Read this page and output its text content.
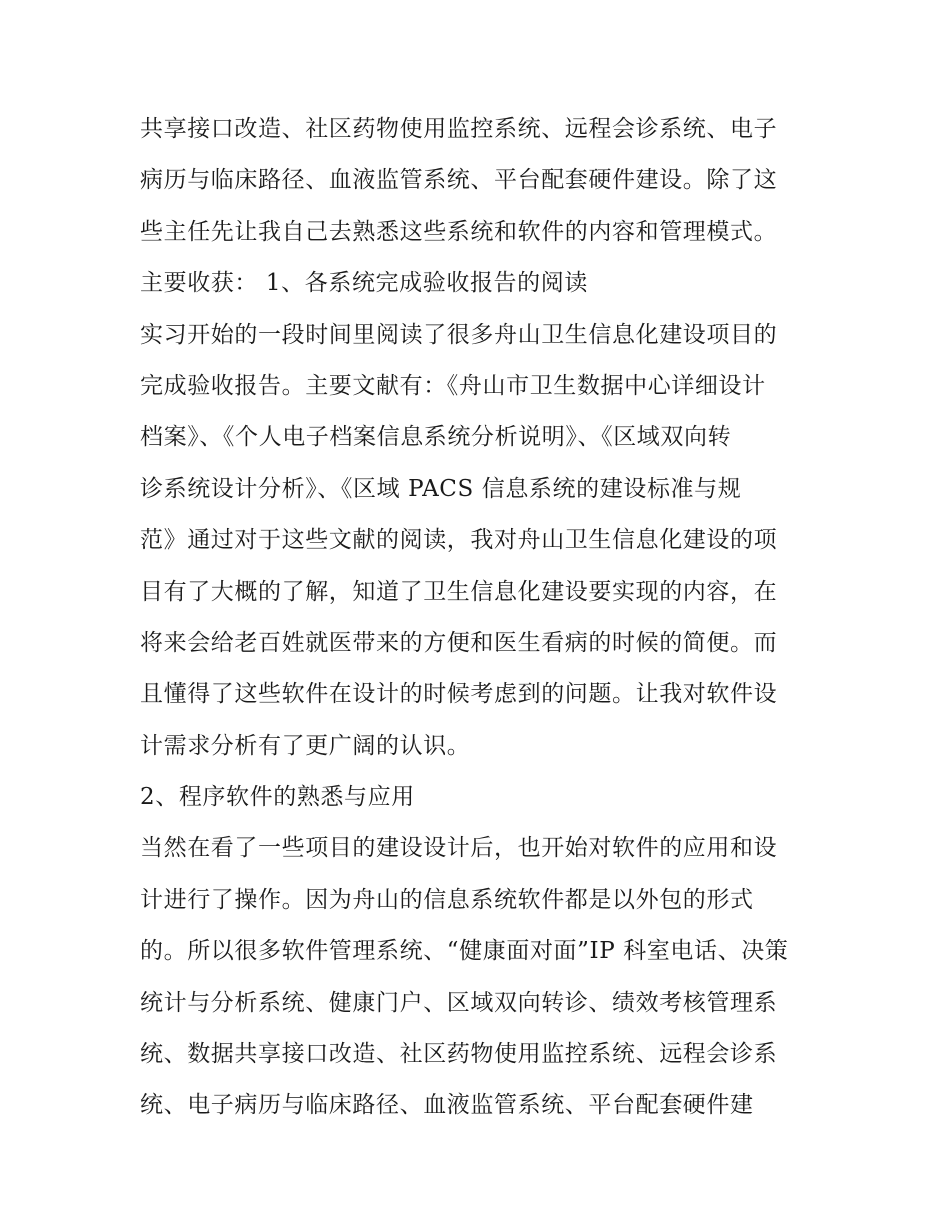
共享接口改造、社区药物使用监控系统、远程会诊系统、电子
病历与临床路径、血液监管系统、平台配套硬件建设。除了这
些主任先让我自己去熟悉这些系统和软件的内容和管理模式。
主要收获： 1、各系统完成验收报告的阅读
实习开始的一段时间里阅读了很多舟山卫生信息化建设项目的
完成验收报告。主要文献有：《舟山市卫生数据中心详细设计
档案》、《个人电子档案信息系统分析说明》、《区域双向转
诊系统设计分析》、《区域 PACS 信息系统的建设标准与规
范》通过对于这些文献的阅读，我对舟山卫生信息化建设的项
目有了大概的了解，知道了卫生信息化建设要实现的内容，在
将来会给老百姓就医带来的方便和医生看病的时候的简便。而
且懂得了这些软件在设计的时候考虑到的问题。让我对软件设
计需求分析有了更广阔的认识。
2、程序软件的熟悉与应用
当然在看了一些项目的建设设计后，也开始对软件的应用和设
计进行了操作。因为舟山的信息系统软件都是以外包的形式
的。所以很多软件管理系统、“健康面对面”IP 科室电话、决策
统计与分析系统、健康门户、区域双向转诊、绩效考核管理系
统、数据共享接口改造、社区药物使用监控系统、远程会诊系
统、电子病历与临床路径、血液监管系统、平台配套硬件建
